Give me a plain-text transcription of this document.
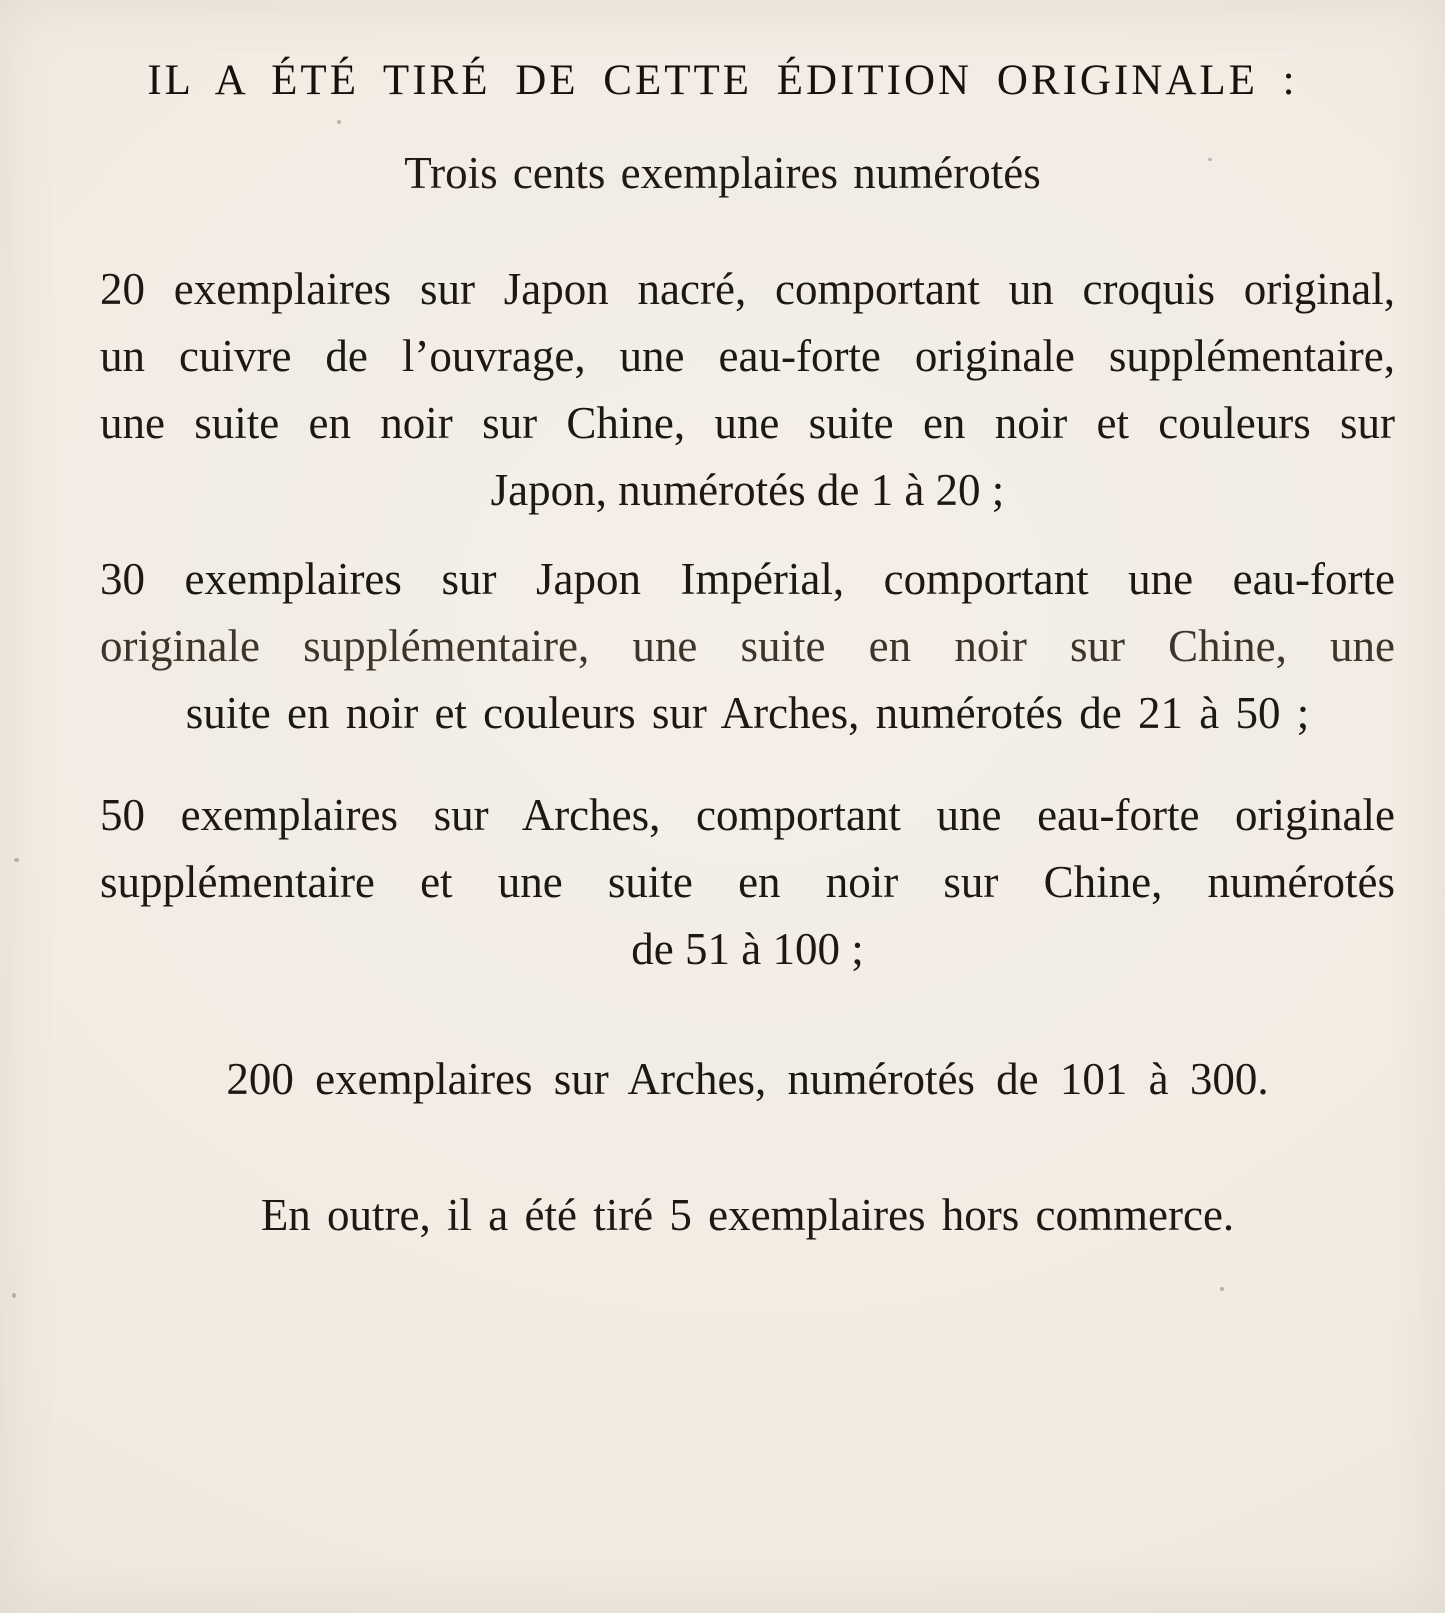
IL A ÉTÉ TIRÉ DE CETTE ÉDITION ORIGINALE :
Trois cents exemplaires numérotés
20 exemplaires sur Japon nacré, comportant un croquis original,
un cuivre de l’ouvrage, une eau-forte originale supplémentaire,
une suite en noir sur Chine, une suite en noir et couleurs sur
Japon, numérotés de 1 à 20 ;
30 exemplaires sur Japon Impérial, comportant une eau-forte
originale supplémentaire, une suite en noir sur Chine, une
suite en noir et couleurs sur Arches, numérotés de 21 à 50 ;
50 exemplaires sur Arches, comportant une eau-forte originale
supplémentaire et une suite en noir sur Chine, numérotés
de 51 à 100 ;
200 exemplaires sur Arches, numérotés de 101 à 300.
En outre, il a été tiré 5 exemplaires hors commerce.
